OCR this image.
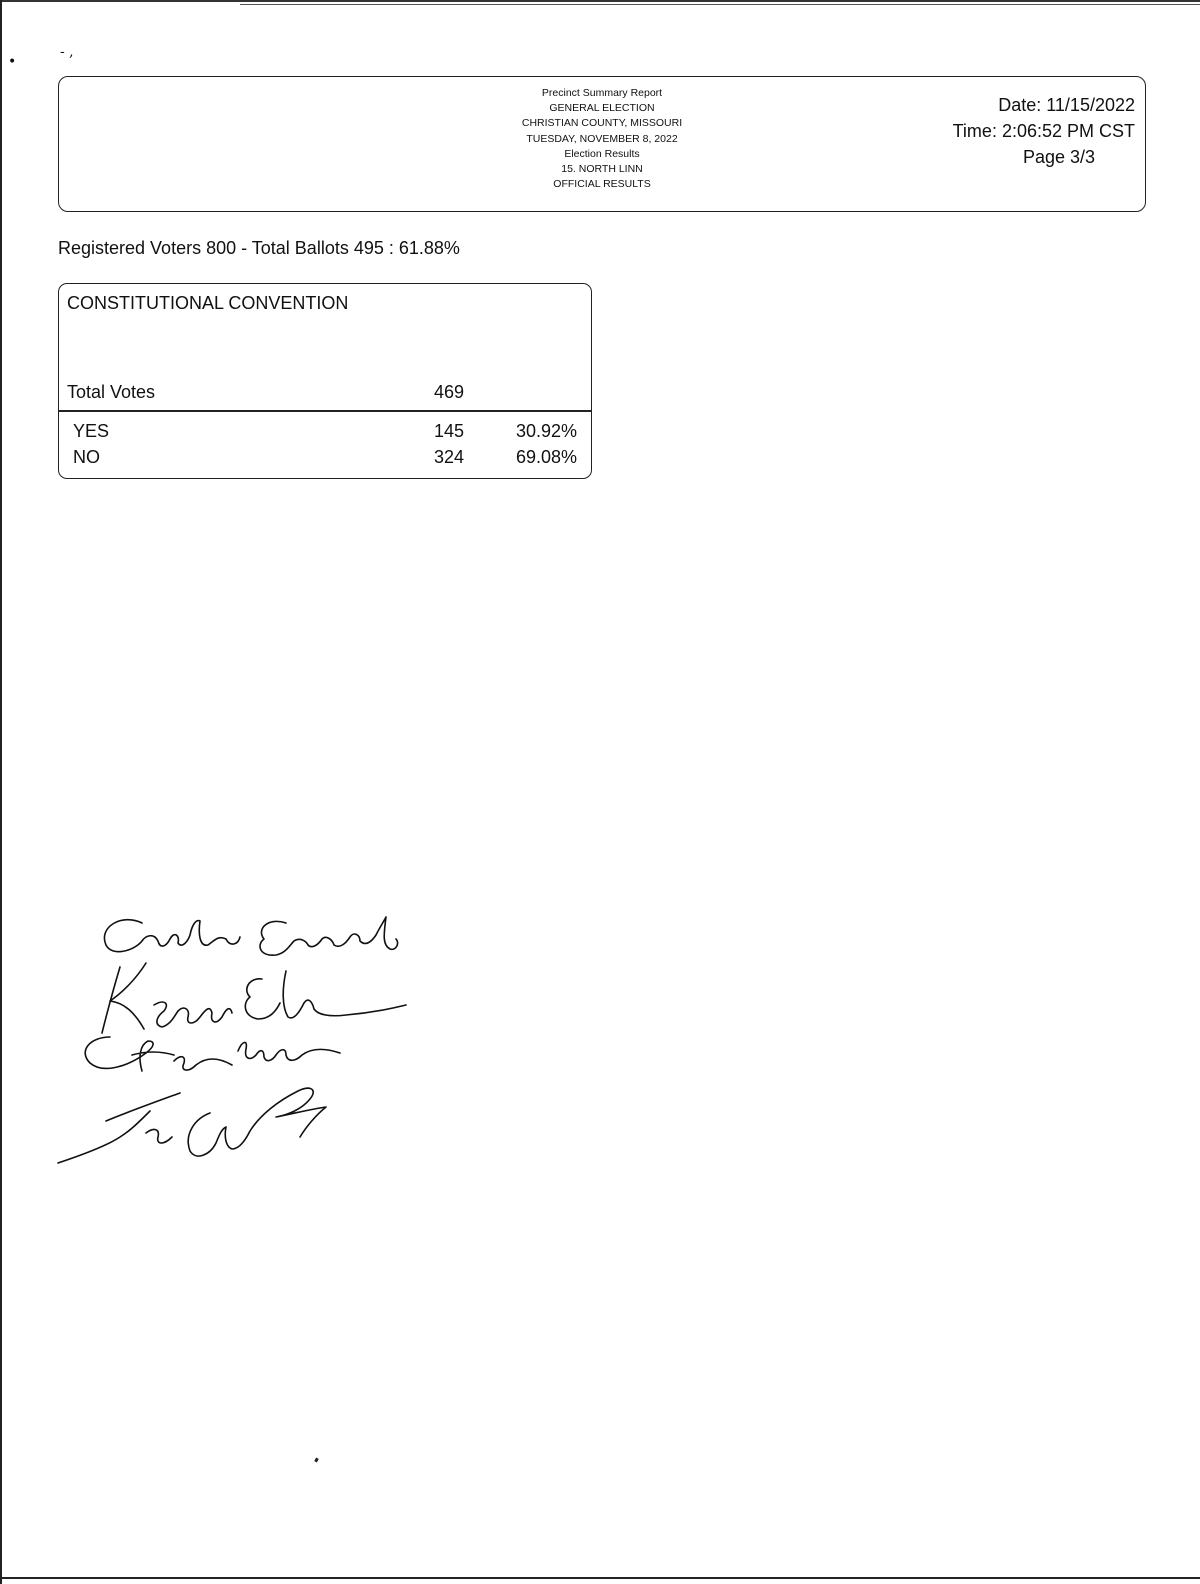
•
- ,
Precinct Summary Report
GENERAL ELECTION
CHRISTIAN COUNTY, MISSOURI
TUESDAY, NOVEMBER 8, 2022
Election Results
15. NORTH LINN
OFFICIAL RESULTS
Date: 11/15/2022
Time: 2:06:52 PM CST
Page 3/3
Registered Voters 800 - Total Ballots 495 : 61.88%
CONSTITUTIONAL CONVENTION
Total Votes	469
YES	145	30.92%
NO	324	69.08%
